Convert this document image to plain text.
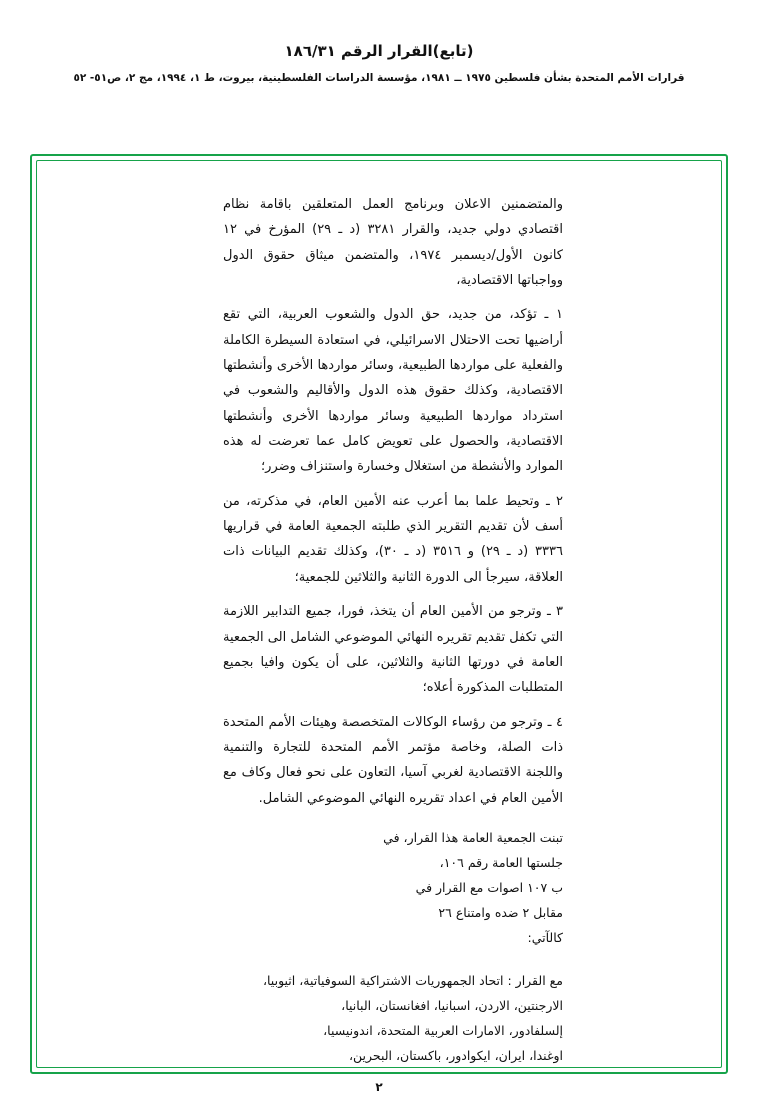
(تابع)القرار الرقم ١٨٦/٣١
قرارات الأمم المتحدة بشأن فلسطين ١٩٧٥ ــ ١٩٨١، مؤسسة الدراسات الفلسطينية، بيروت، ط ١، ١٩٩٤، مج ٢، ص٥١- ٥٢

والمتضمنين الاعلان وبرنامج العمل المتعلقين باقامة نظام اقتصادي دولي جديد، والقرار ٣٢٨١ (د ـ ٢٩) المؤرخ في ١٢ كانون الأول/ديسمبر ١٩٧٤، والمتضمن ميثاق حقوق الدول وواجباتها الاقتصادية،

١ ـ تؤكد، من جديد، حق الدول والشعوب العربية، التي تقع أراضيها تحت الاحتلال الاسرائيلي، في استعادة السيطرة الكاملة والفعلية على مواردها الطبيعية، وسائر مواردها الأخرى وأنشطتها الاقتصادية، وكذلك حقوق هذه الدول والأقاليم والشعوب في استرداد مواردها الطبيعية وسائر مواردها الأخرى وأنشطتها الاقتصادية، والحصول على تعويض كامل عما تعرضت له هذه الموارد والأنشطة من استغلال وخسارة واستنزاف وضرر؛

٢ ـ وتحيط علما بما أعرب عنه الأمين العام، في مذكرته، من أسف لأن تقديم التقرير الذي طلبته الجمعية العامة في قراريها ٣٣٣٦ (د ـ ٢٩) و ٣٥١٦ (د ـ ٣٠)، وكذلك تقديم البيانات ذات العلاقة، سيرجأ الى الدورة الثانية والثلاثين للجمعية؛

٣ ـ وترجو من الأمين العام أن يتخذ، فورا، جميع التدابير اللازمة التي تكفل تقديم تقريره النهائي الموضوعي الشامل الى الجمعية العامة في دورتها الثانية والثلاثين، على أن يكون وافيا بجميع المتطلبات المذكورة أعلاه؛

٤ ـ وترجو من رؤساء الوكالات المتخصصة وهيئات الأمم المتحدة ذات الصلة، وخاصة مؤتمر الأمم المتحدة للتجارة والتنمية واللجنة الاقتصادية لغربي آسيا، التعاون على نحو فعال وكاف مع الأمين العام في اعداد تقريره النهائي الموضوعي الشامل.

تبنت الجمعية العامة هذا القرار، في

جلستها العامة رقم ١٠٦،

ب ١٠٧ اصوات مع القرار في

مقابل ٢ ضده وامتناع ٢٦

كالآتي:

مع القرار : اتحاد الجمهوريات الاشتراكية السوفياتية، اثيوبيا،

الارجنتين، الاردن، اسبانيا، افغانستان، البانيا،

إلسلفادور، الامارات العربية المتحدة، اندونيسيا،

اوغندا، ايران، ايكوادور، باكستان، البحرين،

٢
